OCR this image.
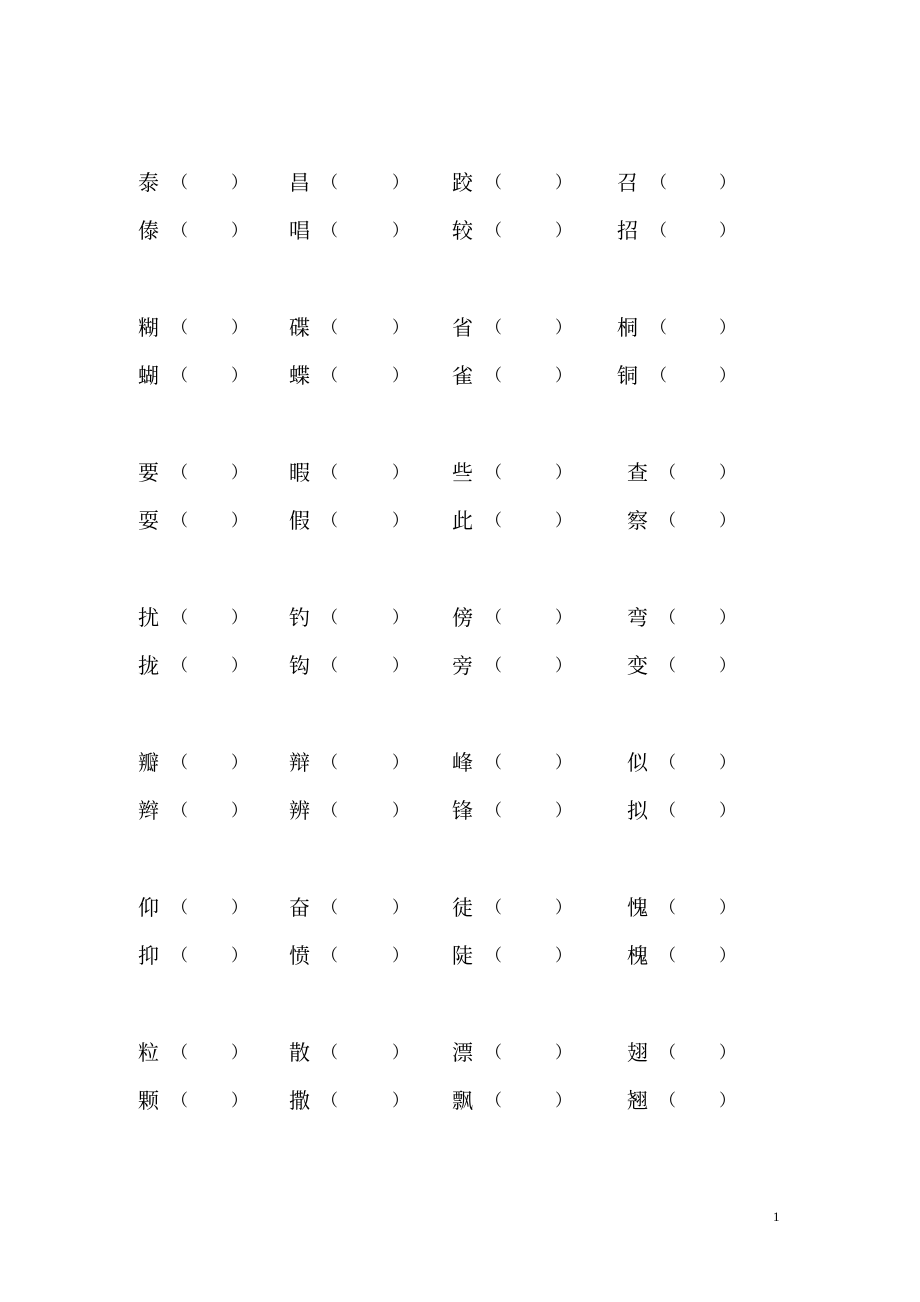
泰 （	） 昌 （	） 跤 （	） 召 （	）
傣 （	） 唱 （	） 较 （	） 招 （	）
糊 （	） 碟 （	） 省 （	） 桐 （	）
蝴 （	） 蝶 （	） 雀 （	） 铜 （	）
要 （	） 暇 （	） 些 （	）	查 （	）
耍 （	） 假 （	） 此 （	）	察 （	）
扰 （	） 钓 （	） 傍 （	）	弯 （	）
拢 （	） 钩 （	） 旁 （	）	变 （	）
瓣 （	） 辩 （	） 峰 （	）	似 （	）
辫 （	） 辨 （	） 锋 （	）	拟 （	）
仰 （	） 奋 （	） 徒 （	）	愧 （	）
抑 （	） 愤 （	） 陡 （	）	槐 （	）
粒 （	） 散 （	） 漂 （	）	翅 （	）
颗 （	） 撒 （	） 飘 （	）	翘 （	）
1
